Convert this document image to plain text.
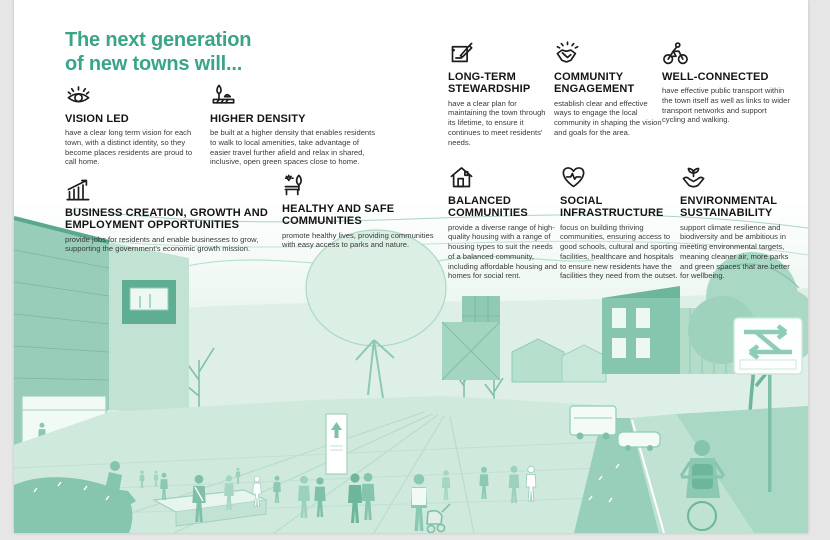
The next generation
of new towns will...
VISION LED

have a clear long term vision for each town, with a distinct identity, so they become places residents are proud to call home.

HIGHER DENSITY

be built at a higher density that enables residents to walk to local amenities, take advantage of easier travel further afield and relax in shared, inclusive, open green spaces close to home.

LONG-TERM STEWARDSHIP

have a clear plan for maintaining the town through its lifetime, to ensure it continues to meet residents' needs.

COMMUNITY ENGAGEMENT

establish clear and effective ways to engage the local community in shaping the vision and goals for the area.

WELL-CONNECTED

have effective public transport within the town itself as well as links to wider transport networks and support cycling and walking.

BUSINESS CREATION, GROWTH AND EMPLOYMENT OPPORTUNITIES

provide jobs for residents and enable businesses to grow, supporting the government's economic growth mission.

HEALTHY AND SAFE COMMUNITIES

promote healthy lives, providing communities with easy access to parks and nature.

BALANCED COMMUNITIES

provide a diverse range of high-quality housing with a range of housing types to suit the needs of a balanced community, including affordable housing and homes for social rent.

SOCIAL INFRASTRUCTURE

focus on building thriving communities, ensuring access to good schools, cultural and sporting facilities, healthcare and hospitals to ensure new residents have the facilities they need from the outset.

ENVIRONMENTAL SUSTAINABILITY

support climate resilience and biodiversity and be ambitious in meeting environmental targets, meaning cleaner air, more parks and green spaces that are better for wellbeing.
